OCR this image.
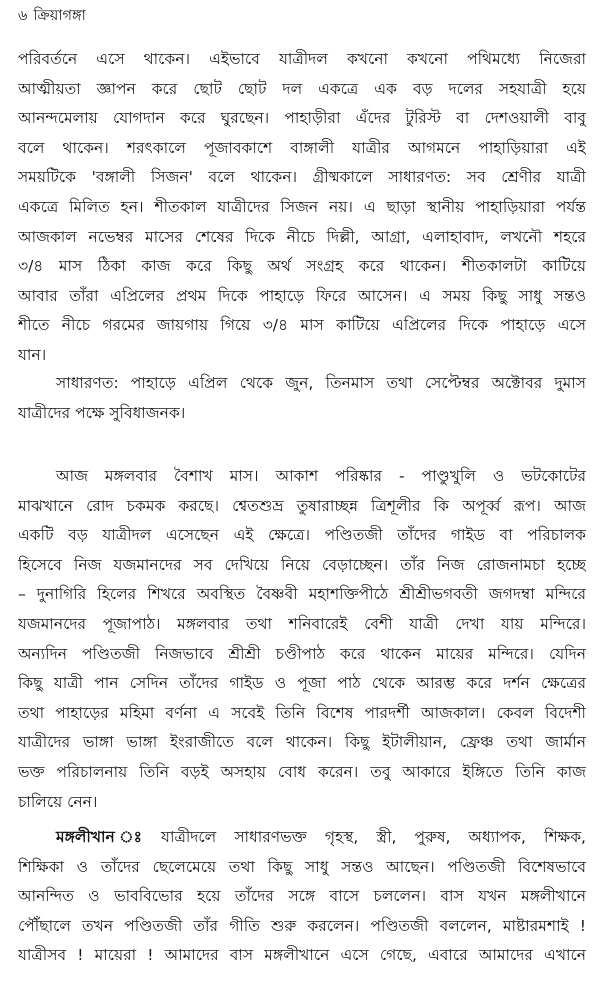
৬ ক্রিয়াগঙ্গা
পরিবর্তনে এসে থাকেন। এইভাবে যাত্রীদল কখনো কখনো পথিমধ্যে নিজেরা
আত্মীয়তা জ্ঞাপন করে ছোট ছোট দল একত্রে এক বড় দলের সহযাত্রী হয়ে
আনন্দমেলায় যোগদান করে ঘুরছেন। পাহাড়ীরা এঁদের টুরিস্ট বা দেশওয়ালী বাবু
বলে থাকেন। শরৎকালে পূজাবকাশে বাঙ্গালী যাত্রীর আগমনে পাহাড়িয়ারা এই
সময়টিকে 'বঙ্গালী সিজন' বলে থাকেন। গ্রীষ্মকালে সাধারণত: সব শ্রেণীর যাত্রী
একত্রে মিলিত হন। শীতকাল যাত্রীদের সিজন নয়। এ ছাড়া স্থানীয় পাহাড়িয়ারা পর্যন্ত
আজকাল নভেম্বর মাসের শেষের দিকে নীচে দিল্লী, আগ্রা, এলাহাবাদ, লখনৌ শহরে
৩/৪ মাস ঠিকা কাজ করে কিছু অর্থ সংগ্রহ করে থাকেন। শীতকালটা কাটিয়ে
আবার তাঁরা এপ্রিলের প্রথম দিকে পাহাড়ে ফিরে আসেন। এ সময় কিছু সাধু সন্তও
শীতে নীচে গরমের জায়গায় গিয়ে ৩/৪ মাস কাটিয়ে এপ্রিলের দিকে পাহাড়ে এসে
যান।
সাধারণত: পাহাড়ে এপ্রিল থেকে জুন, তিনমাস তথা সেপ্টেম্বর অক্টোবর দুমাস
যাত্রীদের পক্ষে সুবিধাজনক।
আজ মঙ্গলবার বৈশাখ মাস। আকাশ পরিষ্কার - পাণ্ডুখুলি ও ভটকোটের
মাঝখানে রোদ চকমক করছে। শ্বেতশুভ্র তুষারাচ্ছন্ন ত্রিশূলীর কি অপূর্ব্ব রূপ। আজ
একটি বড় যাত্রীদল এসেছেন এই ক্ষেত্রে। পণ্ডিতজী তাঁদের গাইড বা পরিচালক
হিসেবে নিজ যজমানদের সব দেখিয়ে নিয়ে বেড়াচ্ছেন। তাঁর নিজ রোজনামচা হচ্ছে
– দুনাগিরি হিলের শিখরে অবস্থিত বৈষ্ণবী মহাশক্তিপীঠে শ্রীশ্রীভগবতী জগদম্বা মন্দিরে
যজমানদের পূজাপাঠ। মঙ্গলবার তথা শনিবারেই বেশী যাত্রী দেখা যায় মন্দিরে।
অন্যদিন পণ্ডিতজী নিজভাবে শ্রীশ্রী চণ্ডীপাঠ করে থাকেন মায়ের মন্দিরে। যেদিন
কিছু যাত্রী পান সেদিন তাঁদের গাইড ও পূজা পাঠ থেকে আরম্ভ করে দর্শন ক্ষেত্রের
তথা পাহাড়ের মহিমা বর্ণনা এ সবেই তিনি বিশেষ পারদর্শী আজকাল। কেবল বিদেশী
যাত্রীদের ভাঙ্গা ভাঙ্গা ইংরাজীতে বলে থাকেন। কিছু ইটালীয়ান, ফ্রেঞ্চ তথা জার্মান
ভক্ত পরিচালনায় তিনি বড়ই অসহায় বোধ করেন। তবু আকারে ইঙ্গিতে তিনি কাজ
চালিয়ে নেন।
মঙ্গলীখান ঃ যাত্রীদলে সাধারণভক্ত গৃহস্থ, স্ত্রী, পুরুষ, অধ্যাপক, শিক্ষক,
শিক্ষিকা ও তাঁদের ছেলেমেয়ে তথা কিছু সাধু সন্তও আছেন। পণ্ডিতজী বিশেষভাবে
আনন্দিত ও ভাববিভোর হয়ে তাঁদের সঙ্গে বাসে চললেন। বাস যখন মঙ্গলীখানে
পৌঁছালে তখন পণ্ডিতজী তাঁর গীতি শুরু করলেন। পণ্ডিতজী বললেন, মাষ্টারমশাই !
যাত্রীসব ! মায়েরা ! আমাদের বাস মঙ্গলীখানে এসে গেছে, এবারে আমাদের এখানে
